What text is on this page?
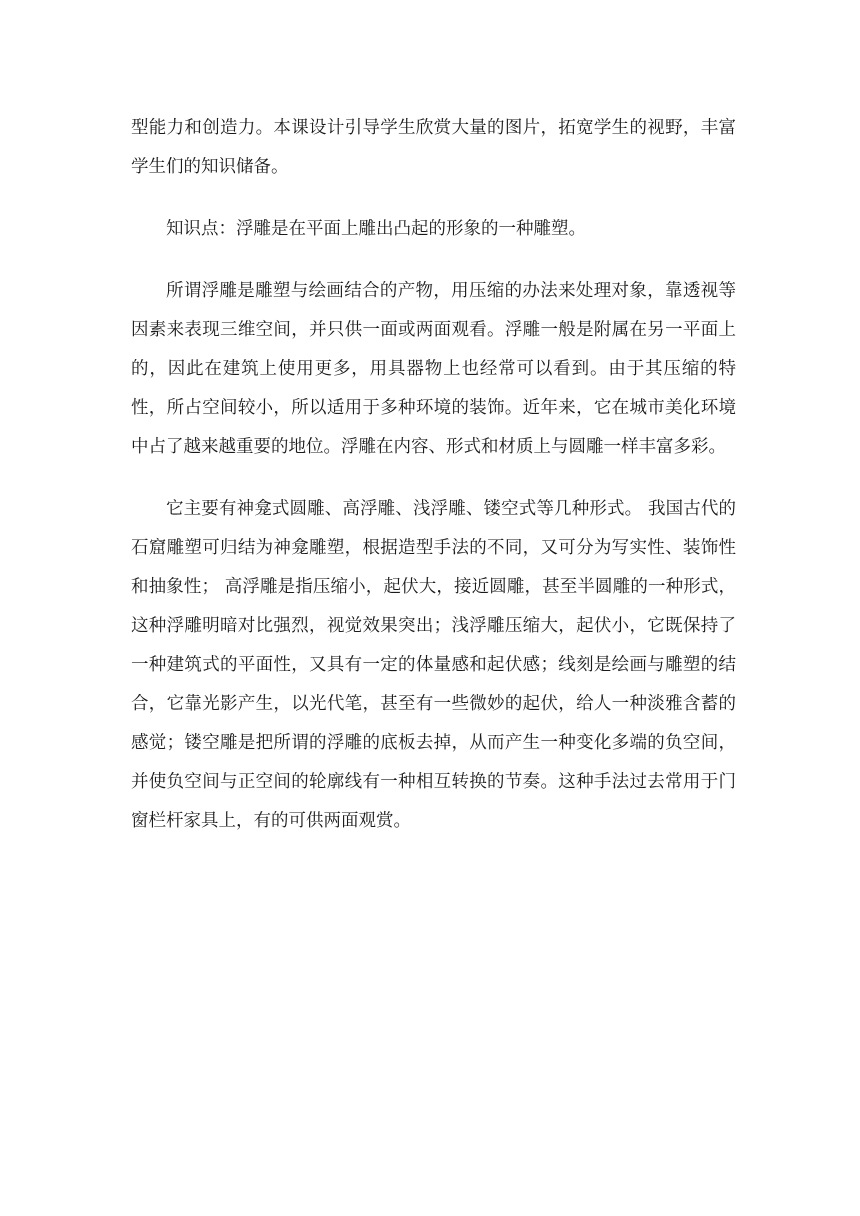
型能力和创造力。本课设计引导学生欣赏大量的图片，拓宽学生的视野，丰富学生们的知识储备。

知识点：浮雕是在平面上雕出凸起的形象的一种雕塑。

所谓浮雕是雕塑与绘画结合的产物，用压缩的办法来处理对象，靠透视等因素来表现三维空间，并只供一面或两面观看。浮雕一般是附属在另一平面上的，因此在建筑上使用更多，用具器物上也经常可以看到。由于其压缩的特性，所占空间较小，所以适用于多种环境的装饰。近年来，它在城市美化环境中占了越来越重要的地位。浮雕在内容、形式和材质上与圆雕一样丰富多彩。

它主要有神龛式圆雕、高浮雕、浅浮雕、镂空式等几种形式。 我国古代的石窟雕塑可归结为神龛雕塑，根据造型手法的不同，又可分为写实性、装饰性和抽象性； 高浮雕是指压缩小，起伏大，接近圆雕，甚至半圆雕的一种形式，这种浮雕明暗对比强烈，视觉效果突出；浅浮雕压缩大，起伏小，它既保持了一种建筑式的平面性，又具有一定的体量感和起伏感；线刻是绘画与雕塑的结合，它靠光影产生，以光代笔，甚至有一些微妙的起伏，给人一种淡雅含蓄的感觉；镂空雕是把所谓的浮雕的底板去掉，从而产生一种变化多端的负空间，并使负空间与正空间的轮廓线有一种相互转换的节奏。这种手法过去常用于门窗栏杆家具上，有的可供两面观赏。
